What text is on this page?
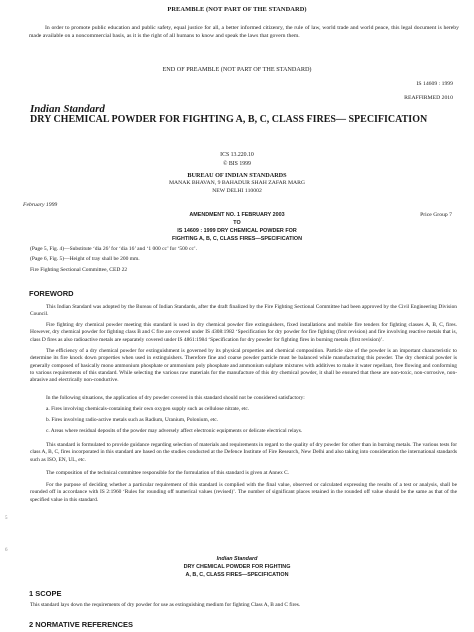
PREAMBLE (NOT PART OF THE STANDARD)
In order to promote public education and public safety, equal justice for all, a better informed citizenry, the rule of law, world trade and world peace, this legal document is hereby made available on a noncommercial basis, as it is the right of all humans to know and speak the laws that govern them.
END OF PREAMBLE (NOT PART OF THE STANDARD)
IS 14609 : 1999
REAFFIRMED 2010
Indian Standard
DRY CHEMICAL POWDER FOR FIGHTING A, B, C, CLASS FIRES— SPECIFICATION
ICS 13.220.10
© BIS 1999
BUREAU OF INDIAN STANDARDS
MANAK BHAVAN, 9 BAHADUR SHAH ZAFAR MARG
NEW DELHI 110002
February 1999
Price Group 7
AMENDMENT NO. 1 FEBRUARY 2003
TO
IS 14609 : 1999 DRY CHEMICAL POWDER FOR
FIGHTING A, B, C, CLASS FIRES—SPECIFICATION
(Page 5, Fig. 4)—Substitute ‘dia 26’ for ‘dia 16’ and ‘1 000 cc’ for ‘500 cc’.
(Page 6, Fig. 5)—Height of tray shall be 200 mm.
Fire Fighting Sectional Committee, CED 22
FOREWORD
This Indian Standard was adopted by the Bureau of Indian Standards, after the draft finalized by the Fire Fighting Sectional Committee had been approved by the Civil Engineering Division Council.
Fire fighting dry chemical powder meeting this standard is used in dry chemical powder fire extinguishers, fixed installations and mobile fire tenders for fighting classes A, B, C, fires. However, dry chemical powder for fighting class B and C fire are covered under IS 4308:1982 ‘Specification for dry powder for fire fighting (first revision) and fire involving reactive metals that is, class D fires as also radioactive metals are separately covered under IS 4861:1984 ‘Specification for dry powder for fighting fires in burning metals (first revision)’.
The efficiency of a dry chemical powder for extinguishment is governed by its physical properties and chemical composition. Particle size of the powder is an important characteristic to determine its fire knock down properties when used in extinguishers. Therefore fine and coarse powder particle must be balanced while manufacturing this powder. The dry chemical powder is generally composed of basically mono ammonium phosphate or ammonium poly phosphate and ammonium sulphate mixtures with additives to make it water repellant, free flowing and conforming to various requirements of this standard. While selecting the various raw materials for the manufacture of this dry chemical powder, it shall be ensured that these are non-toxic, non-corrosive, non-abrasive and electrically non-conductive.
In the following situations, the application of dry powder covered in this standard should not be considered satisfactory:
a. Fires involving chemicals-containing their own oxygen supply such as cellulose nitrate, etc.
b. Fires involving radio-active metals such as Radium, Uranium, Polonium, etc.
c. Areas where residual deposits of the powder may adversely affect electronic equipments or delicate electrical relays.
This standard is formulated to provide guidance regarding selection of materials and requirements in regard to the quality of dry powder for other than in burning metals. The various tests for class A, B, C, fires incorporated in this standard are based on the studies conducted at the Defence Institute of Fire Research, New Delhi and also taking into consideration the international standards such as ISO, EN, UL, etc.
The composition of the technical committee responsible for the formulation of this standard is given at Annex C.
For the purpose of deciding whether a particular requirement of this standard is complied with the final value, observed or calculated expressing the results of a test or analysis, shall be rounded off in accordance with IS 2:1960 ‘Rules for rounding off numerical values (revised)’. The number of significant places retained in the rounded off value should be the same as that of the specified value in this standard.
5
6
Indian Standard
DRY CHEMICAL POWDER FOR FIGHTING
A, B, C, CLASS FIRES—SPECIFICATION
1 SCOPE
This standard lays down the requirements of dry powder for use as extinguishing medium for fighting Class A, B and C fires.
2 NORMATIVE REFERENCES
